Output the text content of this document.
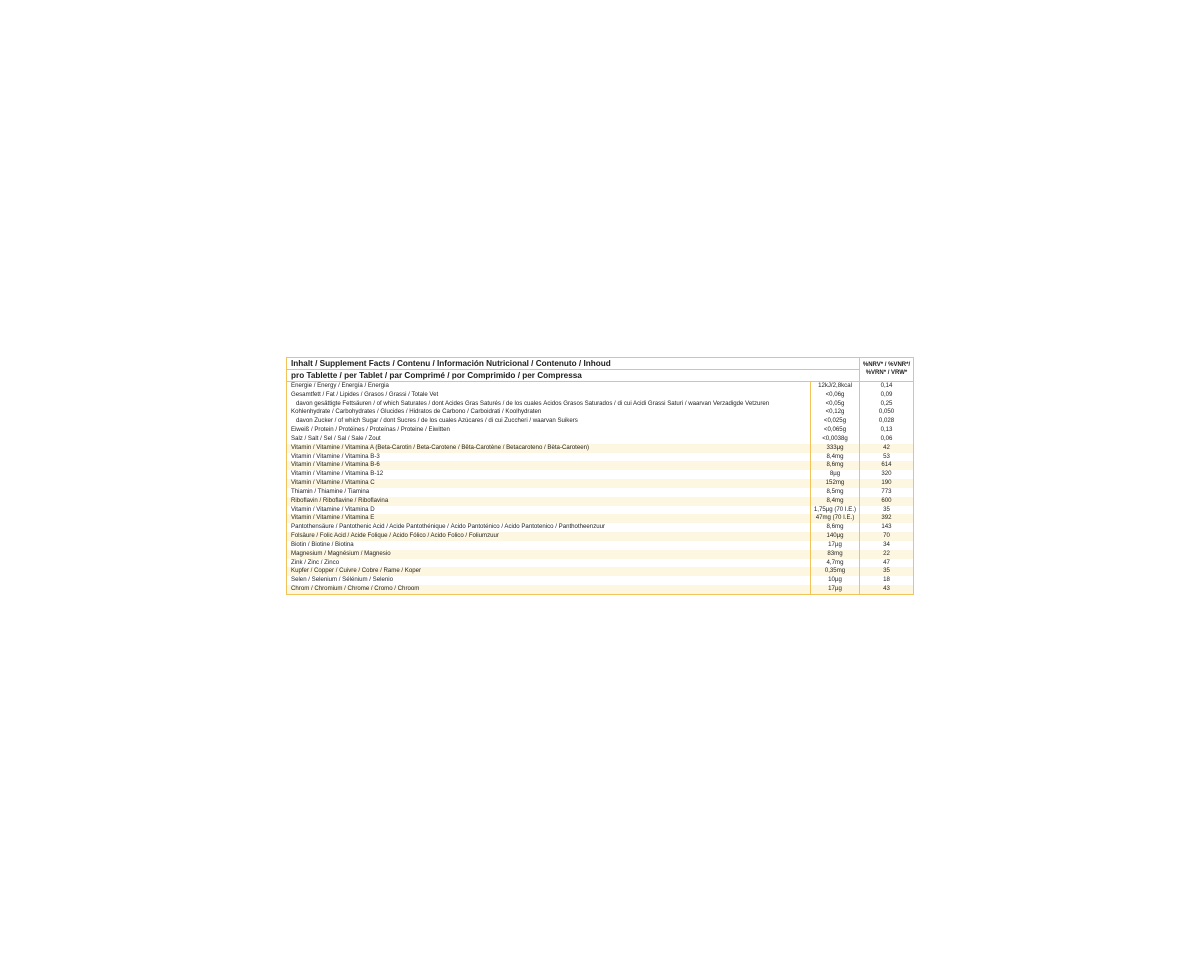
Inhalt / Supplement Facts / Contenu / Información Nutricional / Contenuto / Inhoud
pro Tablette / per Tablet / par Comprimé / por Comprimido / per Compressa
%NRV* / %VNR*/
%VRN* / VRW*
Energie / Energy / Energía / Energia	12kJ/2,8kcal	0,14
Gesamtfett / Fat / Lipides / Grasos / Grassi / Totale Vet	<0,06g	0,09
davon gesättigte Fettsäuren / of which Saturates / dont Acides Gras Saturés / de los cuales Ácidos Grasos Saturados / di cui Acidi Grassi Saturi / waarvan Verzadigde Vetzuren	<0,05g	0,25
Kohlenhydrate / Carbohydrates / Glucides / Hidratos de Carbono / Carboidrati / Koolhydraten	<0,12g	0,050
davon Zucker / of which Sugar / dont Sucres / de los cuales Azúcares / di cui Zuccheri / waarvan Suikers	<0,025g	0,028
Eiweiß / Protein / Protéines / Proteínas / Proteine / Eiwitten	<0,065g	0,13
Salz / Salt / Sel / Sal / Sale / Zout	<0,0038g	0,06
Vitamin / Vitamine / Vitamina A (Beta-Carotin / Beta-Carotene / Bêta-Carotène / Betacaroteno / Bèta-Caroteen)	333µg	42
Vitamin / Vitamine / Vitamina B-3	8,4mg	53
Vitamin / Vitamine / Vitamina B-6	8,6mg	614
Vitamin / Vitamine / Vitamina B-12	8µg	320
Vitamin / Vitamine / Vitamina C	152mg	190
Thiamin / Thiamine / Tiamina	8,5mg	773
Riboflavin / Riboflavine / Riboflavina	8,4mg	600
Vitamin / Vitamine / Vitamina D	1,75µg (70 I.E.)	35
Vitamin / Vitamine / Vitamina E	47mg (70 I.E.)	392
Pantothensäure / Pantothenic Acid / Acide Pantothénique / Ácido Pantoténico / Acido Pantotenico / Panthotheenzuur	8,6mg	143
Folsäure / Folic Acid / Acide Folique / Ácido Fólico / Acido Folico / Foliumzuur	140µg	70
Biotin / Biotine / Biotina	17µg	34
Magnesium / Magnésium / Magnesio	83mg	22
Zink / Zinc / Zinco	4,7mg	47
Kupfer / Copper / Cuivre / Cobre / Rame / Koper	0,35mg	35
Selen / Selenium / Sélénium / Selenio	10µg	18
Chrom / Chromium / Chrome / Cromo / Chroom	17µg	43
